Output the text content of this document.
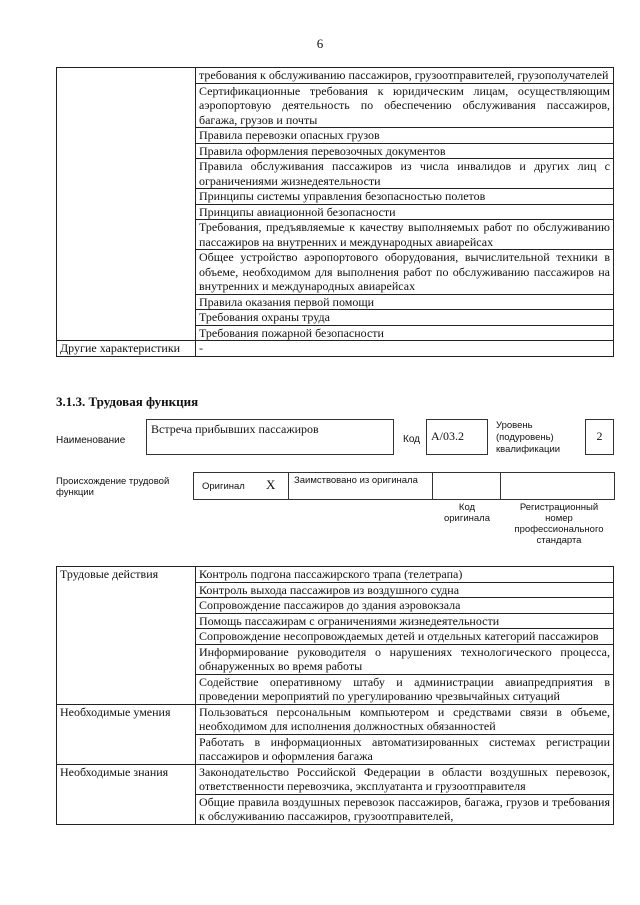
6
	требования к обслуживанию пассажиров, грузоотправителей, грузополучателей
	Сертификационные требования к юридическим лицам, осуществляющим аэропортовую деятельность по обеспечению обслуживания пассажиров, багажа, грузов и почты
	Правила перевозки опасных грузов
	Правила оформления перевозочных документов
	Правила обслуживания пассажиров из числа инвалидов и других лиц с ограничениями жизнедеятельности
	Принципы системы управления безопасностью полетов
	Принципы авиационной безопасности
	Требования, предъявляемые к качеству выполняемых работ по обслуживанию пассажиров на внутренних и международных авиарейсах
	Общее устройство аэропортового оборудования, вычислительной техники в объеме, необходимом для выполнения работ по обслуживанию пассажиров на внутренних и международных авиарейсах
	Правила оказания первой помощи
	Требования охраны труда
	Требования пожарной безопасности
Другие характеристики	-
3.1.3. Трудовая функция
Наименование
Встреча прибывших пассажиров
Код A/03.2
Уровень (подуровень) квалификации
2
Происхождение трудовой функции
Оригинал X Заимствовано из оригинала
Код оригинала
Регистрационный номер профессионального стандарта
Трудовые действия	Контроль подгона пассажирского трапа (телетрапа)
	Контроль выхода пассажиров из воздушного судна
	Сопровождение пассажиров до здания аэровокзала
	Помощь пассажирам с ограничениями жизнедеятельности
	Сопровождение несопровождаемых детей и отдельных категорий пассажиров
	Информирование руководителя о нарушениях технологического процесса, обнаруженных во время работы
	Содействие оперативному штабу и администрации авиапредприятия в проведении мероприятий по урегулированию чрезвычайных ситуаций
Необходимые умения	Пользоваться персональным компьютером и средствами связи в объеме, необходимом для исполнения должностных обязанностей
	Работать в информационных автоматизированных системах регистрации пассажиров и оформления багажа
Необходимые знания	Законодательство Российской Федерации в области воздушных перевозок, ответственности перевозчика, эксплуатанта и грузоотправителя
	Общие правила воздушных перевозок пассажиров, багажа, грузов и требования к обслуживанию пассажиров, грузоотправителей,
